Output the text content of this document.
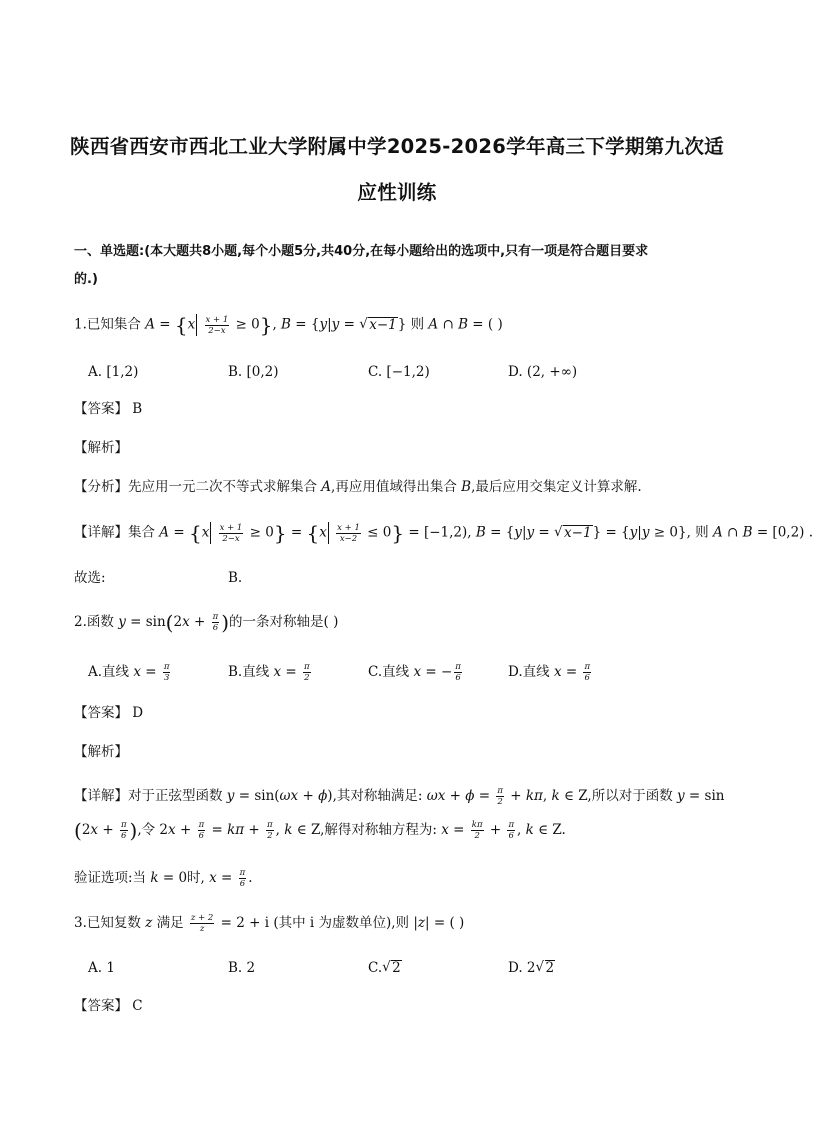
陕西省西安市西北工业大学附属中学2025-2026学年高三下学期第九次适
应性训练
一、单选题:(本大题共8小题,每个小题5分,共40分,在每小题给出的选项中,只有一项是符合题目要求
的.)
1.已知集合 $A = \{x \frac{x + 1}{2-x} \ge 0\}$, B = {y|y = √ x−1} 则 A ∩ B = ( )
A. [1,2)	B. [0,2)	C. [−1,2)	D. (2, +∞)
【答案】 B
【解析】
【分析】先应用一元二次不等式求解集合 A,再应用值域得出集合 B,最后应用交集定义计算求解.
【详解】集合 $A = \{x \frac{x + 1}{2-x} \ge 0\} = \{x \frac{x + 1}{x-2} \le 0\} = [-1,2)$, B = {y|y = √ x−1} = {y|y ≥ 0}, 则 A ∩ B = [0,2) .
故选:	B.
2.函数 $y = \sin(2x + \frac{\pi}{6}$ )的一条对称轴是( )
A.直线 $x = \frac{\pi}{3}$	B.直线 $x = \frac{\pi}{2}$	C.直线 x = − $\frac{\pi}{6}$	D.直线 $x = \frac{\pi}{6}$
【答案】 D
【解析】
【详解】对于正弦型函数 y = sin(ωx + ϕ),其对称轴满足: $\omega x + \phi = \frac{\pi}{2} + k\pi$, k ∈ Z,所以对于函数 y = sin
($2x + \frac{\pi}{6}$ ),令 $2x + \frac{\pi}{6} = k\pi + \frac{\pi}{2}$ , k ∈ Z,解得对称轴方程为: $x = \frac{k\pi}{2} + \frac{\pi}{6}$ , k ∈ Z.
验证选项:当 k = 0时, $x = \frac{\pi}{6}$ .
3.已知复数 z 满足 $\frac{z + 2}{z} = 2 + i$ (其中 i 为虚数单位),则 |z| = ( )
A. 1	B. 2	C. √ 2	D. 2 √ 2
【答案】 C
